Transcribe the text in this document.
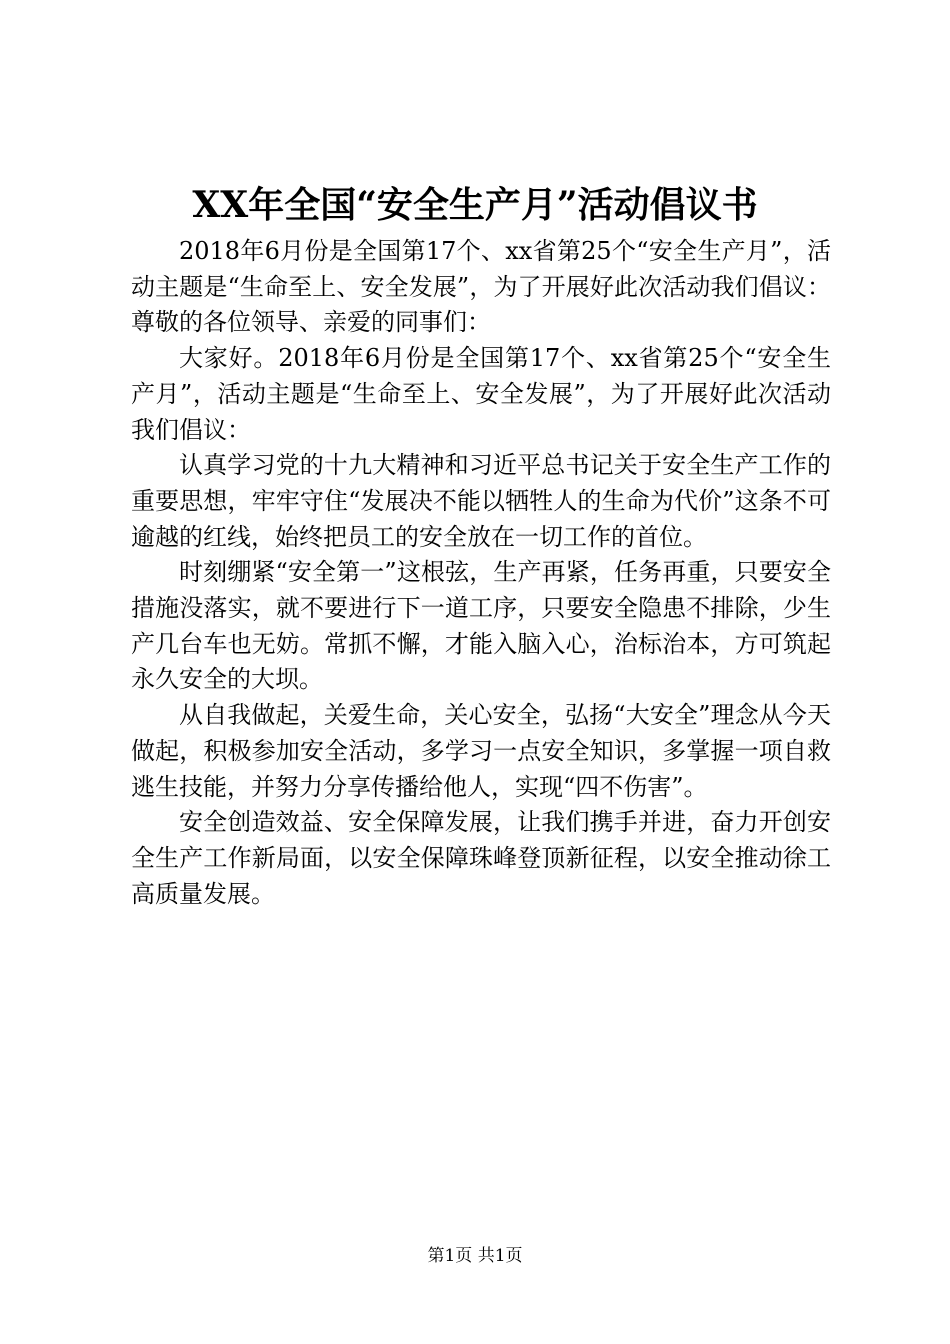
XX年全国“安全生产月”活动倡议书

2018年6月份是全国第17个、xx省第25个“安全生产月”，活动主题是“生命至上、安全发展”，为了开展好此次活动我们倡议：尊敬的各位领导、亲爱的同事们：

大家好。2018年6月份是全国第17个、xx省第25个“安全生产月”，活动主题是“生命至上、安全发展”，为了开展好此次活动我们倡议：

认真学习党的十九大精神和习近平总书记关于安全生产工作的重要思想，牢牢守住“发展决不能以牺牲人的生命为代价”这条不可逾越的红线，始终把员工的安全放在一切工作的首位。

时刻绷紧“安全第一”这根弦，生产再紧，任务再重，只要安全措施没落实，就不要进行下一道工序，只要安全隐患不排除，少生产几台车也无妨。常抓不懈，才能入脑入心，治标治本，方可筑起永久安全的大坝。

从自我做起，关爱生命，关心安全，弘扬“大安全”理念从今天做起，积极参加安全活动，多学习一点安全知识，多掌握一项自救逃生技能，并努力分享传播给他人，实现“四不伤害”。

安全创造效益、安全保障发展，让我们携手并进，奋力开创安全生产工作新局面，以安全保障珠峰登顶新征程，以安全推动徐工高质量发展。

第1页 共1页
